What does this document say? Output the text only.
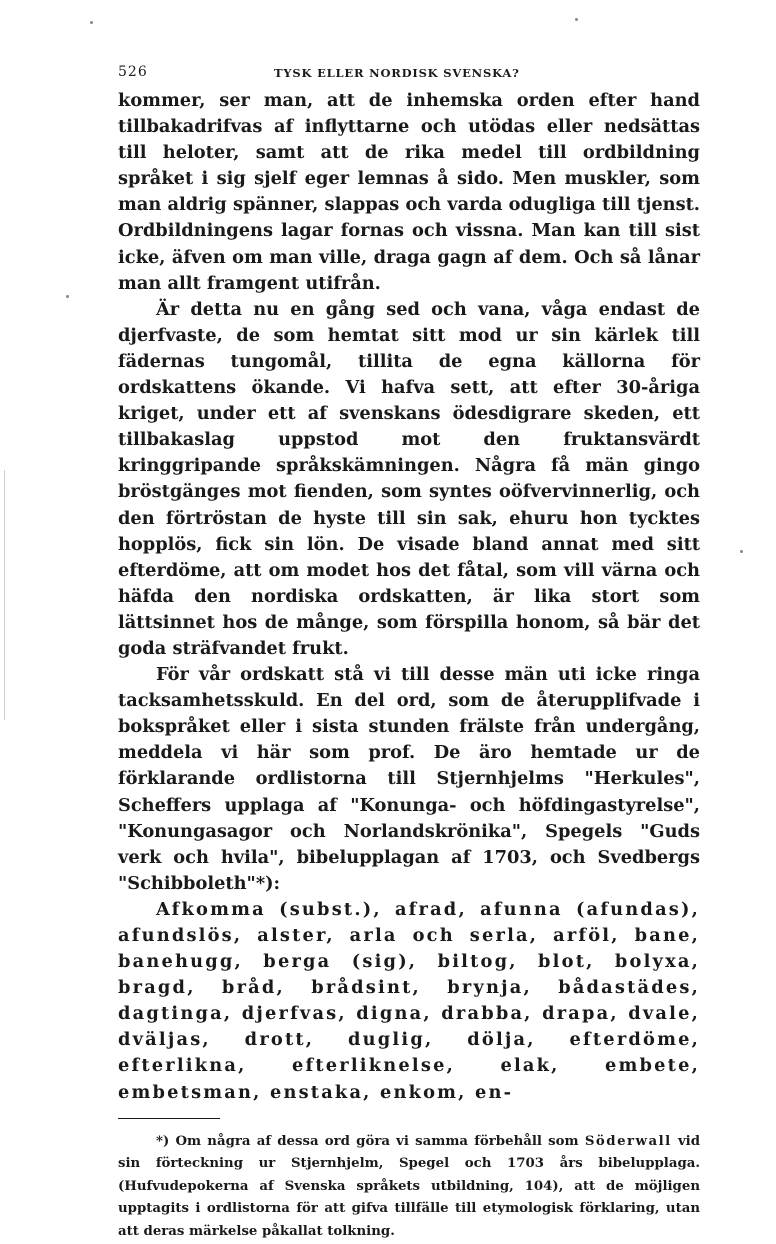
526	TYSK ELLER NORDISK SVENSKA?

kommer, ser man, att de inhemska orden efter hand tillbakadrifvas af inflyttarne och utödas eller nedsättas till heloter, samt att de rika medel till ordbildning språket i sig sjelf eger lemnas å sido. Men muskler, som man aldrig spänner, slappas och varda odugliga till tjenst. Ordbildningens lagar fornas och vissna. Man kan till sist icke, äfven om man ville, draga gagn af dem. Och så lånar man allt framgent utifrån.

Är detta nu en gång sed och vana, våga endast de djerfvaste, de som hemtat sitt mod ur sin kärlek till fädernas tungomål, tillita de egna källorna för ordskattens ökande. Vi hafva sett, att efter 30-åriga kriget, under ett af svenskans ödesdigrare skeden, ett tillbakaslag uppstod mot den fruktansvärdt kringgripande språkskämningen. Några få män gingo bröstgänges mot fienden, som syntes oöfvervinnerlig, och den förtröstan de hyste till sin sak, ehuru hon tycktes hopplös, fick sin lön. De visade bland annat med sitt efterdöme, att om modet hos det fåtal, som vill värna och häfda den nordiska ordskatten, är lika stort som lättsinnet hos de månge, som förspilla honom, så bär det goda sträfvandet frukt.

För vår ordskatt stå vi till desse män uti icke ringa tacksamhetsskuld. En del ord, som de återupplifvade i bokspråket eller i sista stunden frälste från undergång, meddela vi här som prof. De äro hemtade ur de förklarande ordlistorna till Stjernhjelms "Herkules", Scheffers upplaga af "Konunga- och höfdingastyrelse", "Konungasagor och Norlandskrönika", Spegels "Guds verk och hvila", bibelupplagan af 1703, och Svedbergs "Schibboleth"*):

Afkomma (subst.), afrad, afunna (afundas), afundslös, alster, arla och serla, arföl, bane, banehugg, berga (sig), biltog, blot, bolyxa, bragd, bråd, brådsint, brynja, bådastädes, dagtinga, djerfvas, digna, drabba, drapa, dvale, dväljas, drott, duglig, dölja, efterdöme, efterlikna, efterliknelse, elak, embete, embetsman, enstaka, enkom, en-

*) Om några af dessa ord göra vi samma förbehåll som Söderwall vid sin förteckning ur Stjernhjelm, Spegel och 1703 års bibelupplaga. (Hufvudepokerna af Svenska språkets utbildning, 104), att de möjligen upptagits i ordlistorna för att gifva tillfälle till etymologisk förklaring, utan att deras märkelse påkallat tolkning.
